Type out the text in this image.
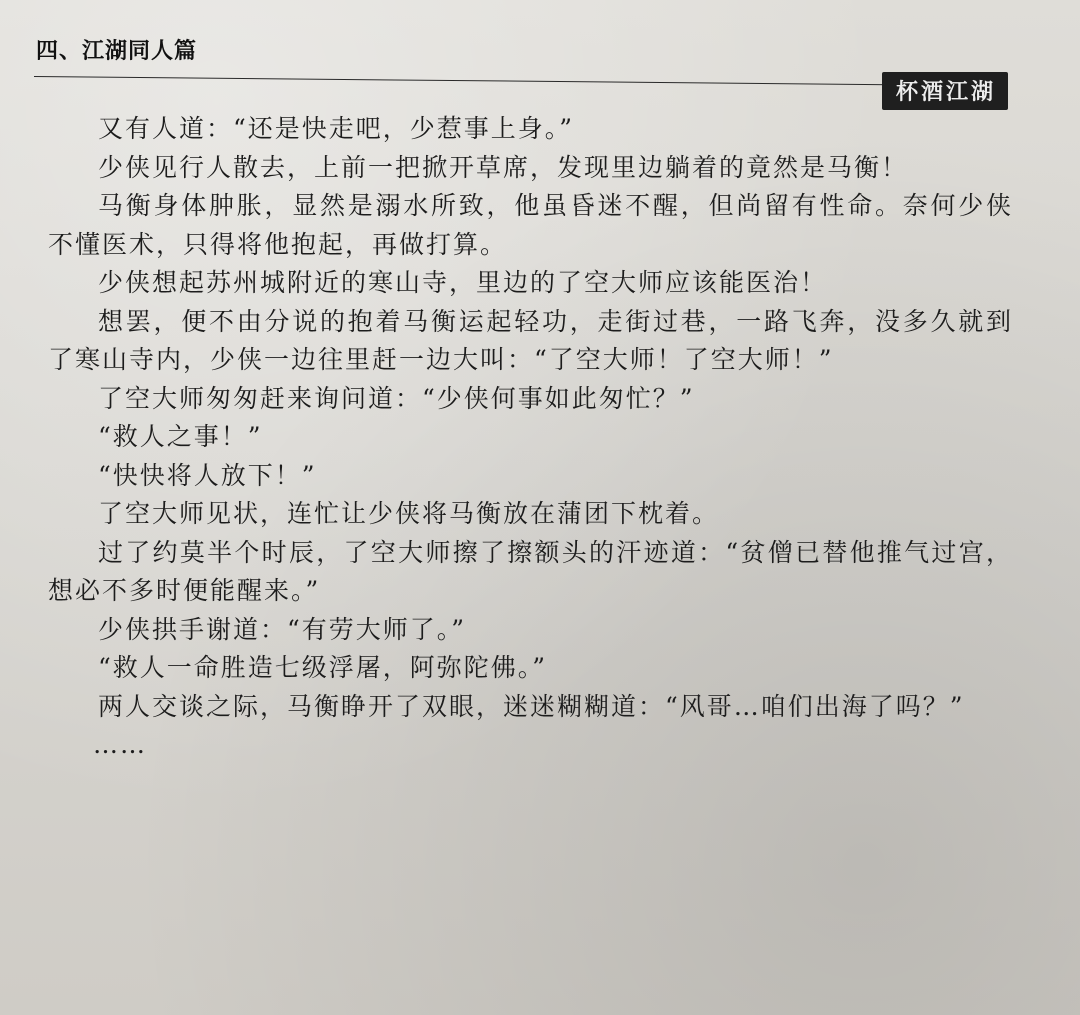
四、江湖同人篇
杯酒江湖

又有人道：“还是快走吧，少惹事上身。”

少侠见行人散去，上前一把掀开草席，发现里边躺着的竟然是马衡！

马衡身体肿胀，显然是溺水所致，他虽昏迷不醒，但尚留有性命。奈何少侠不懂医术，只得将他抱起，再做打算。

少侠想起苏州城附近的寒山寺，里边的了空大师应该能医治！

想罢，便不由分说的抱着马衡运起轻功，走街过巷，一路飞奔，没多久就到了寒山寺内，少侠一边往里赶一边大叫：“了空大师！了空大师！”

了空大师匆匆赶来询问道：“少侠何事如此匆忙？”

“救人之事！”

“快快将人放下！”

了空大师见状，连忙让少侠将马衡放在蒲团下枕着。

过了约莫半个时辰，了空大师擦了擦额头的汗迹道：“贫僧已替他推气过宫，想必不多时便能醒来。”

少侠拱手谢道：“有劳大师了。”

“救人一命胜造七级浮屠，阿弥陀佛。”

两人交谈之际，马衡睁开了双眼，迷迷糊糊道：“风哥…咱们出海了吗？”

……
